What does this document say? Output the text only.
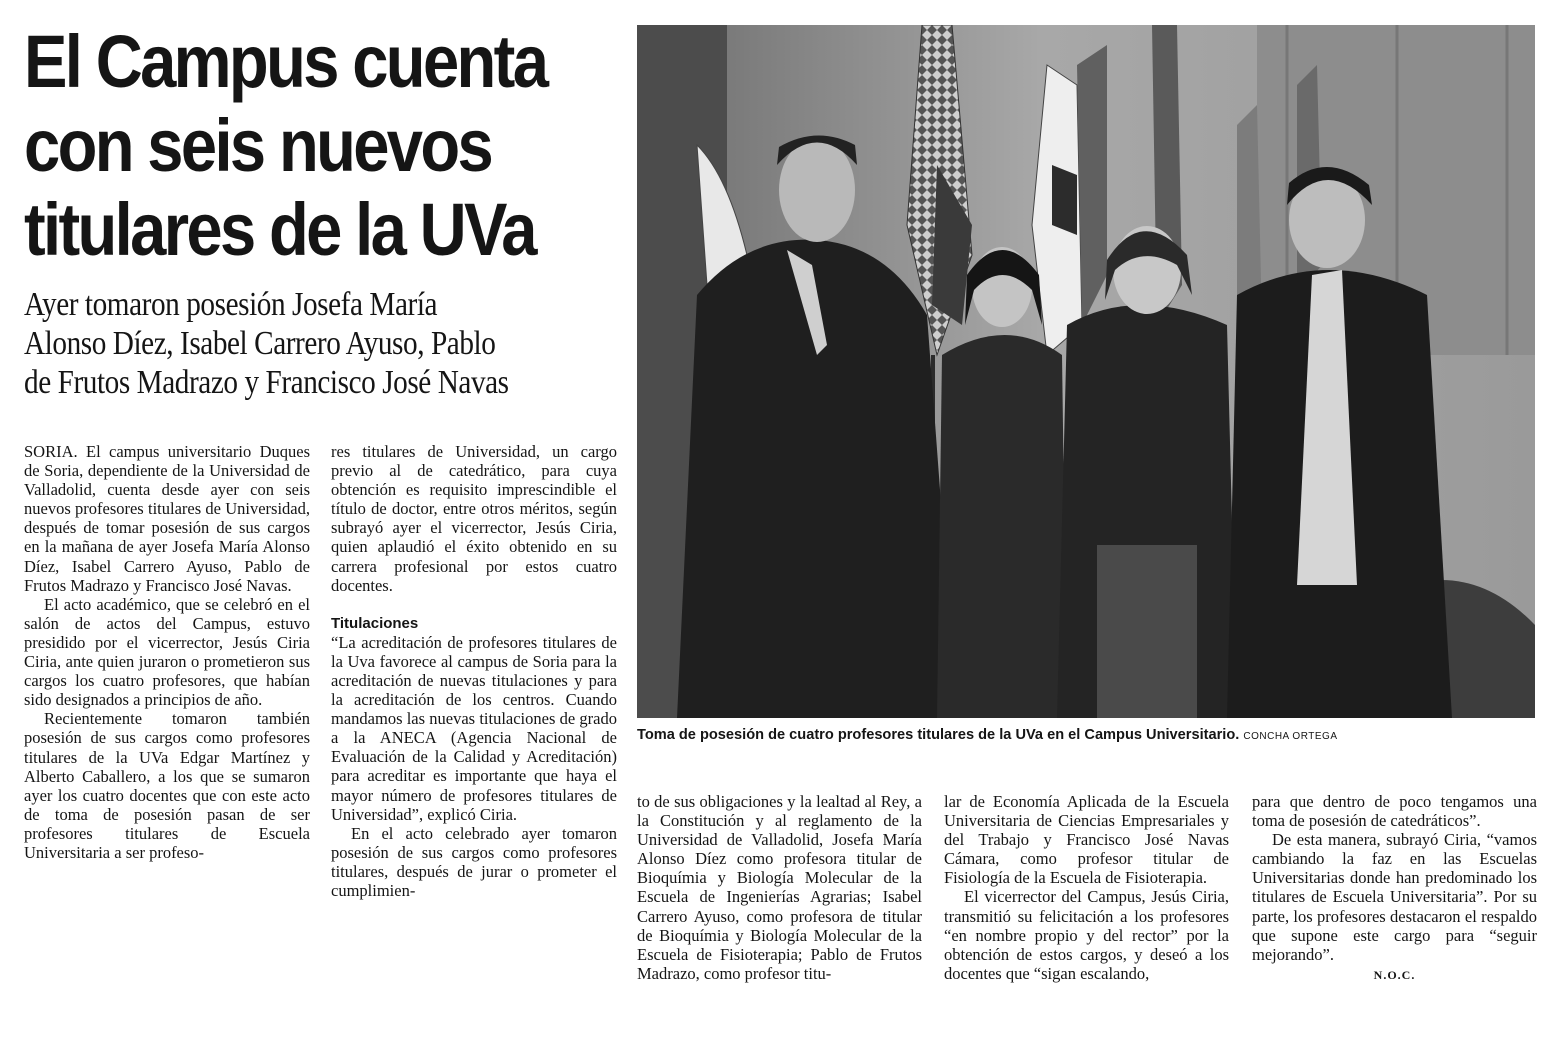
El Campus cuenta
con seis nuevos
titulares de la UVa
Ayer tomaron posesión Josefa María
Alonso Díez, Isabel Carrero Ayuso, Pablo
de Frutos Madrazo y Francisco José Navas

SORIA. El campus universitario Duques de Soria, dependiente de la Universidad de Valladolid, cuenta desde ayer con seis nuevos profesores titulares de Universidad, después de tomar posesión de sus cargos en la mañana de ayer Josefa María Alonso Díez, Isabel Carrero Ayuso, Pablo de Frutos Madrazo y Francisco José Navas.

El acto académico, que se celebró en el salón de actos del Campus, estuvo presidido por el vicerrector, Jesús Ciria Ciria, ante quien juraron o prometieron sus cargos los cuatro profesores, que habían sido designados a principios de año.

Recientemente tomaron también posesión de sus cargos como profesores titulares de la UVa Edgar Martínez y Alberto Caballero, a los que se sumaron ayer los cuatro docentes que con este acto de toma de posesión pasan de ser profesores titulares de Escuela Universitaria a ser profeso-

res titulares de Universidad, un cargo previo al de catedrático, para cuya obtención es requisito imprescindible el título de doctor, entre otros méritos, según subrayó ayer el vicerrector, Jesús Ciria, quien aplaudió el éxito obtenido en su carrera profesional por estos cuatro docentes.

Titulaciones

“La acreditación de profesores titulares de la Uva favorece al campus de Soria para la acreditación de nuevas titulaciones y para la acreditación de los centros. Cuando mandamos las nuevas titulaciones de grado a la ANECA (Agencia Nacional de Evaluación de la Calidad y Acreditación) para acreditar es importante que haya el mayor número de profesores titulares de Universidad”, explicó Ciria.

En el acto celebrado ayer tomaron posesión de sus cargos como profesores titulares, después de jurar o prometer el cumplimien-

Toma de posesión de cuatro profesores titulares de la UVa en el Campus Universitario. CONCHA ORTEGA

to de sus obligaciones y la lealtad al Rey, a la Constitución y al reglamento de la Universidad de Valladolid, Josefa María Alonso Díez como profesora titular de Bioquímia y Biología Molecular de la Escuela de Ingenierías Agrarias; Isabel Carrero Ayuso, como profesora de titular de Bioquímia y Biología Molecular de la Escuela de Fisioterapia; Pablo de Frutos Madrazo, como profesor titu-

lar de Economía Aplicada de la Escuela Universitaria de Ciencias Empresariales y del Trabajo y Francisco José Navas Cámara, como profesor titular de Fisiología de la Escuela de Fisioterapia.

El vicerrector del Campus, Jesús Ciria, transmitió su felicitación a los profesores “en nombre propio y del rector” por la obtención de estos cargos, y deseó a los docentes que “sigan escalando,

para que dentro de poco tengamos una toma de posesión de catedráticos”.

De esta manera, subrayó Ciria, “vamos cambiando la faz en las Escuelas Universitarias donde han predominado los titulares de Escuela Universitaria”. Por su parte, los profesores destacaron el respaldo que supone este cargo para “seguir mejorando”.

N.O.C.
